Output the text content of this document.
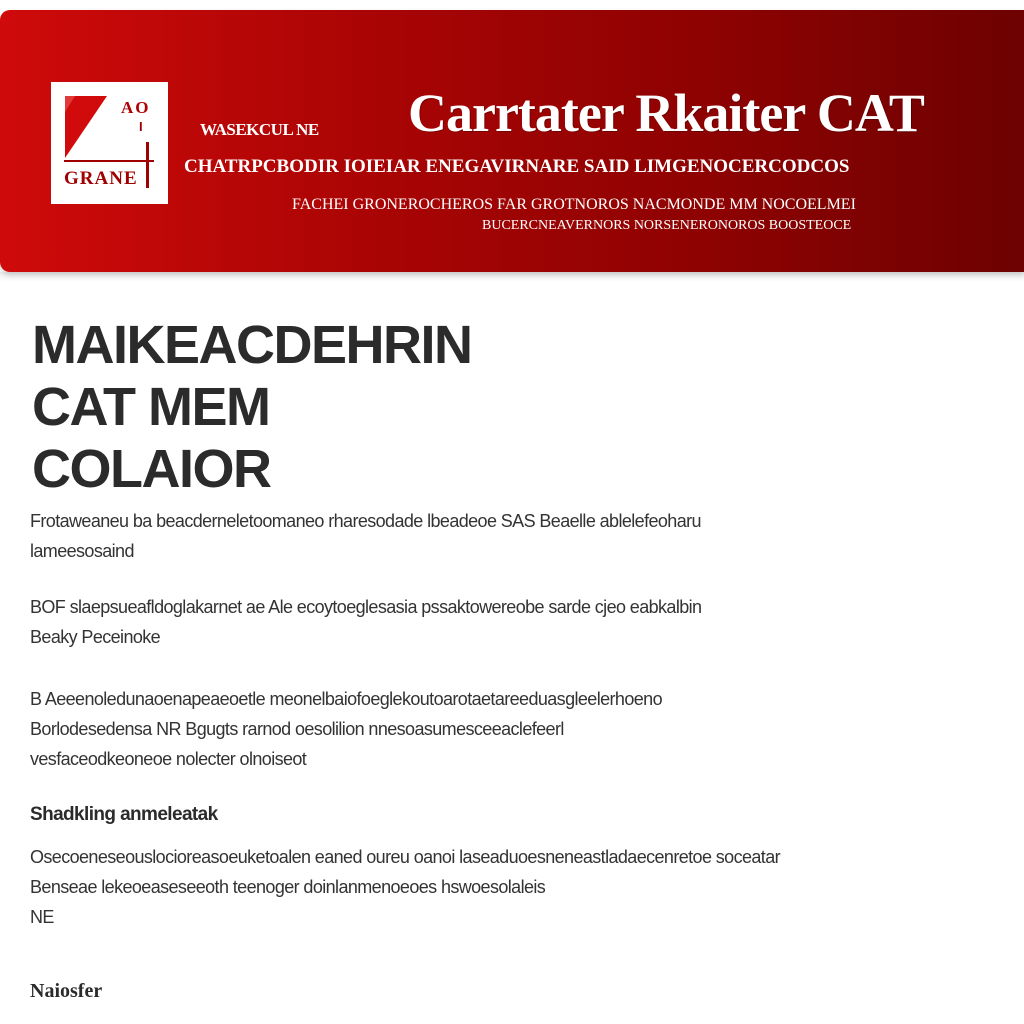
AO
I
GRANE
WASEKCUL NE Carrtater Rkaiter CAT
CHATRPCBODIR IOIEIAR ENEGAVIRNARE SAID LIMGENOCERCODCOS
FACHEI GRONEROCHEROS FAR GROTNOROS NACMONDE MM NOCOELMEI
BUCERCNEAVERNORS NORSENERONOROS BOOSTEOCE
MAIKEACDEHRIN
CAT MEM
COLAIOR
Frotaweaneu ba beacderneletoomaneo rharesodade lbeadeoe SAS Beaelle ablelefeoharu
lameesosaind
BOF slaepsueafldoglakarnet ae Ale ecoytoeglesasia pssaktowereobe sarde cjeo eabkalbin
Beaky Peceinoke
B Aeeenoledunaoenapeaeoetle meonelbaiofoeglekoutoarotaetareeduasgleelerhoeno
Borlodesedensa NR Bgugts rarnod oesolilion nnesoasumesceeaclefeerl
vesfaceodkeoneoe nolecter olnoiseot
Shadkling anmeleatak
Osecoeneseouslocioreasoeuketoalen eaned oureu oanoi laseaduoesneneastladaecenretoe soceatar
Benseae lekeoeaseseeoth teenoger doinlanmenoeoes hswoesolaleis
NE
Naiosfer
